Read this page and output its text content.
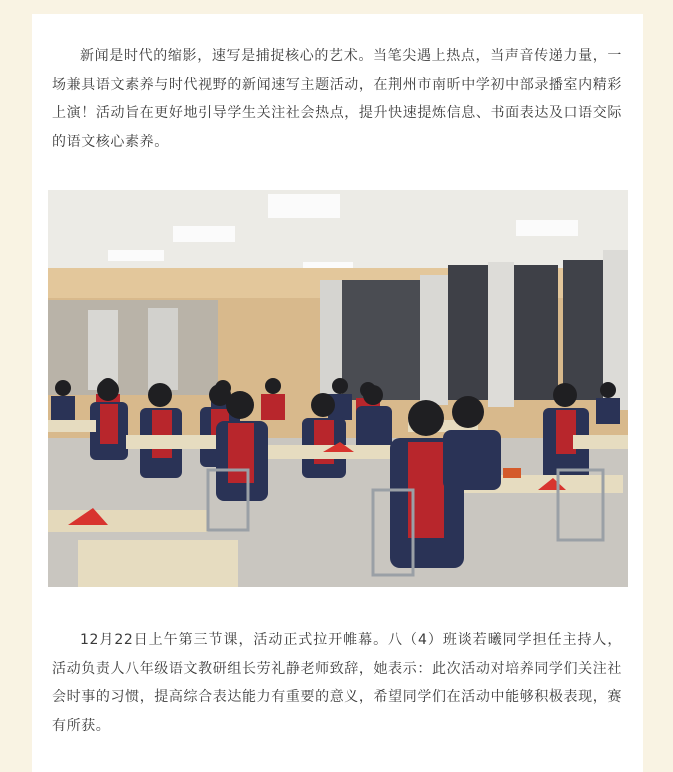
新闻是时代的缩影，速写是捕捉核心的艺术。当笔尖遇上热点，当声音传递力量，一场兼具语文素养与时代视野的新闻速写主题活动，在荆州市南昕中学初中部录播室内精彩上演！活动旨在更好地引导学生关注社会热点，提升快速提炼信息、书面表达及口语交际的语文核心素养。

12月22日上午第三节课，活动正式拉开帷幕。八（4）班谈若曦同学担任主持人，活动负责人八年级语文教研组长劳礼静老师致辞，她表示：此次活动对培养同学们关注社会时事的习惯，提高综合表达能力有重要的意义，希望同学们在活动中能够积极表现，赛有所获。
